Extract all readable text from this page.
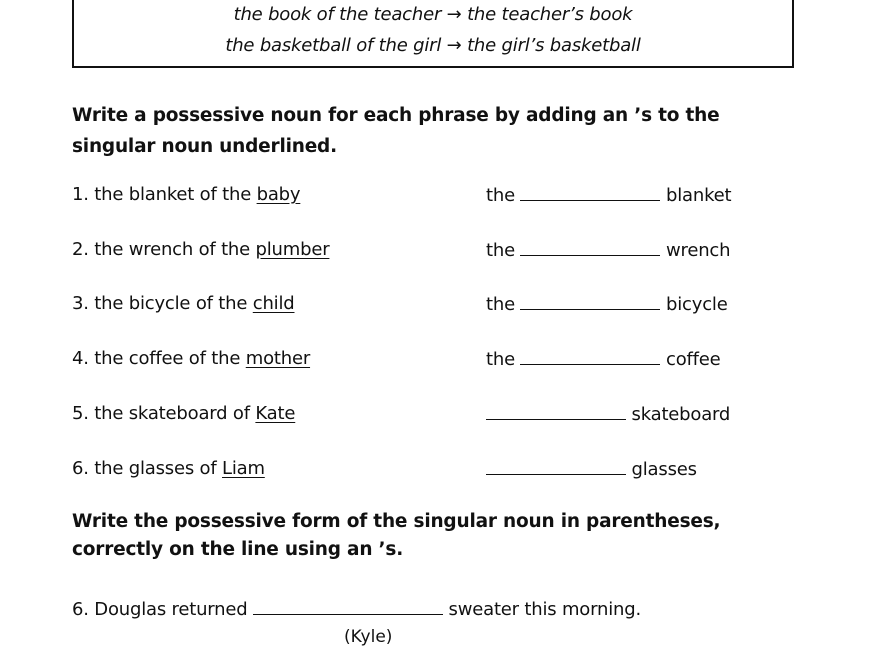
the book of the teacher → the teacher’s book
the basketball of the girl → the girl’s basketball
Write a possessive noun for each phrase by adding an ’s to the singular noun underlined.
1. the blanket of the baby	the	blanket
2. the wrench of the plumber	the	wrench
3. the bicycle of the child	the	bicycle
4. the coffee of the mother	the	coffee
5. the skateboard of Kate	skateboard
6. the glasses of Liam	glasses
Write the possessive form of the singular noun in parentheses, correctly on the line using an ’s.
6. Douglas returned	sweater this morning.
(Kyle)
